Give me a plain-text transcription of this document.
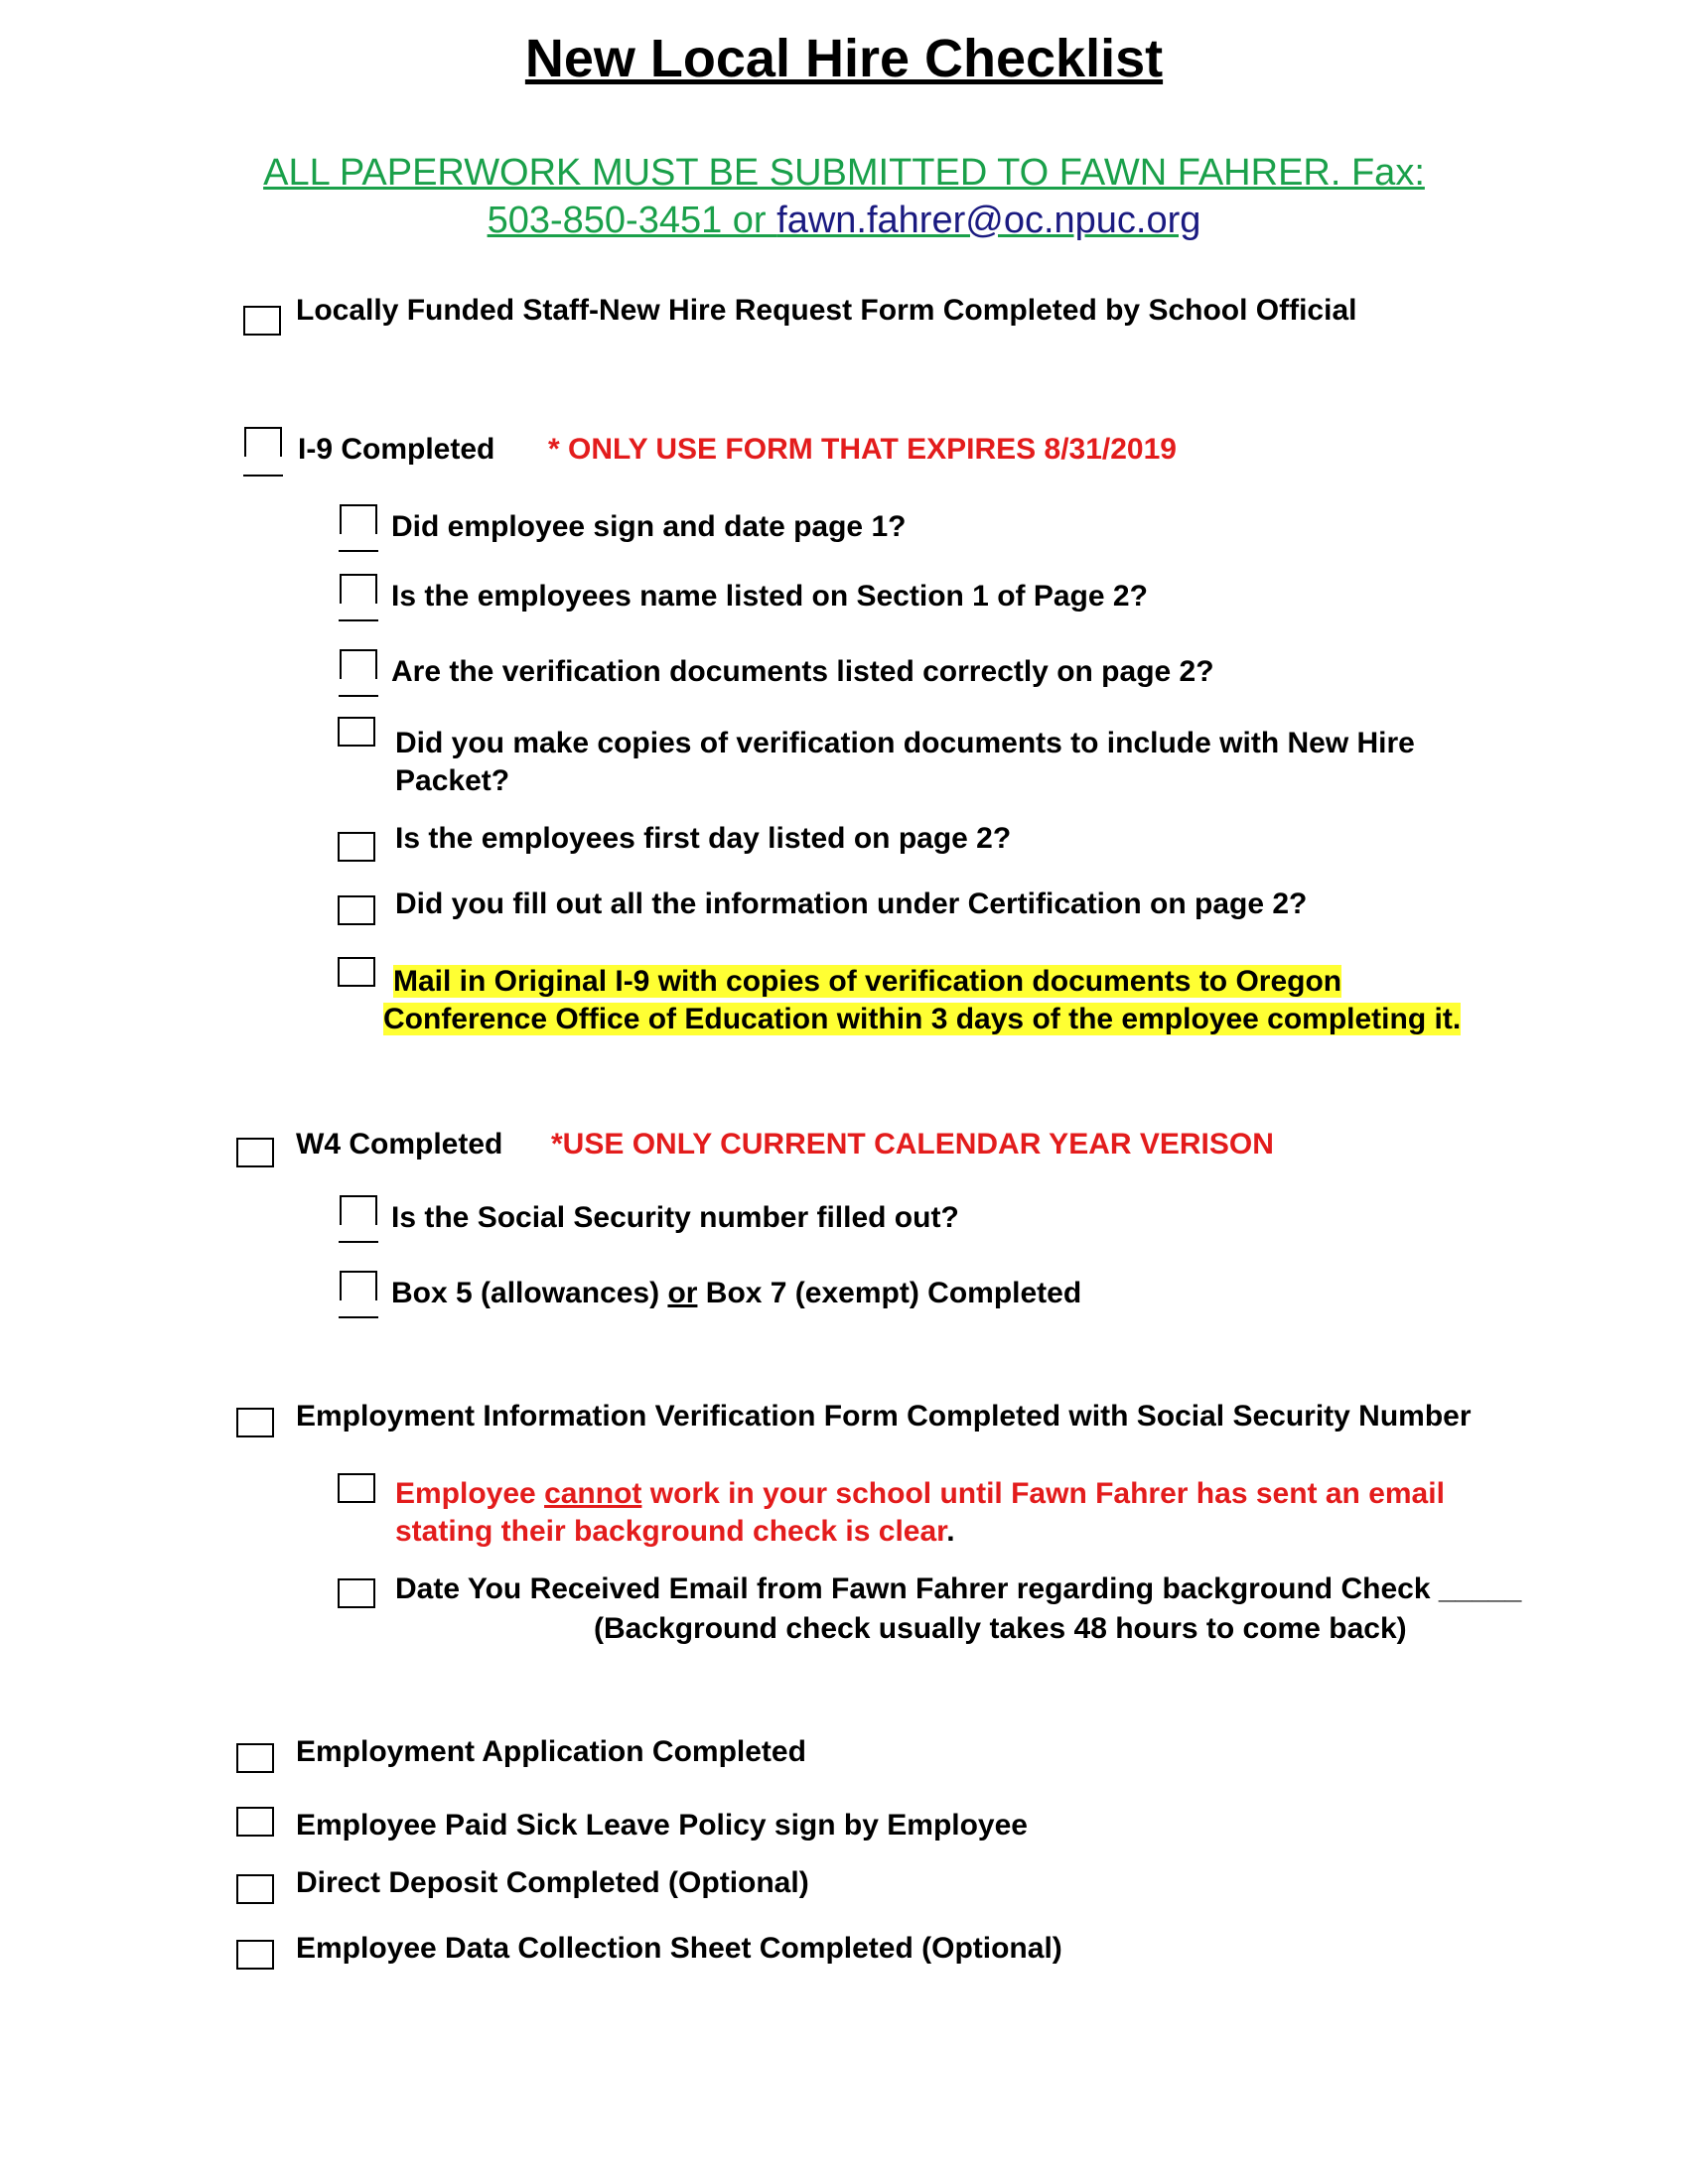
New Local Hire Checklist
ALL PAPERWORK MUST BE SUBMITTED TO FAWN FAHRER. Fax:
503-850-3451 or fawn.fahrer@oc.npuc.org
Locally Funded Staff-New Hire Request Form Completed by School Official
I-9 Completed * ONLY USE FORM THAT EXPIRES 8/31/2019
Did employee sign and date page 1?
Is the employees name listed on Section 1 of Page 2?
Are the verification documents listed correctly on page 2?
Did you make copies of verification documents to include with New Hire
Packet?
Is the employees first day listed on page 2?
Did you fill out all the information under Certification on page 2?
Mail in Original I-9 with copies of verification documents to Oregon
Conference Office of Education within 3 days of the employee completing it.
W4 Completed *USE ONLY CURRENT CALENDAR YEAR VERISON
Is the Social Security number filled out?
Box 5 (allowances) or Box 7 (exempt) Completed
Employment Information Verification Form Completed with Social Security Number
Employee cannot work in your school until Fawn Fahrer has sent an email
stating their background check is clear.
Date You Received Email from Fawn Fahrer regarding background Check _____
(Background check usually takes 48 hours to come back)
Employment Application Completed
Employee Paid Sick Leave Policy sign by Employee
Direct Deposit Completed (Optional)
Employee Data Collection Sheet Completed (Optional)
